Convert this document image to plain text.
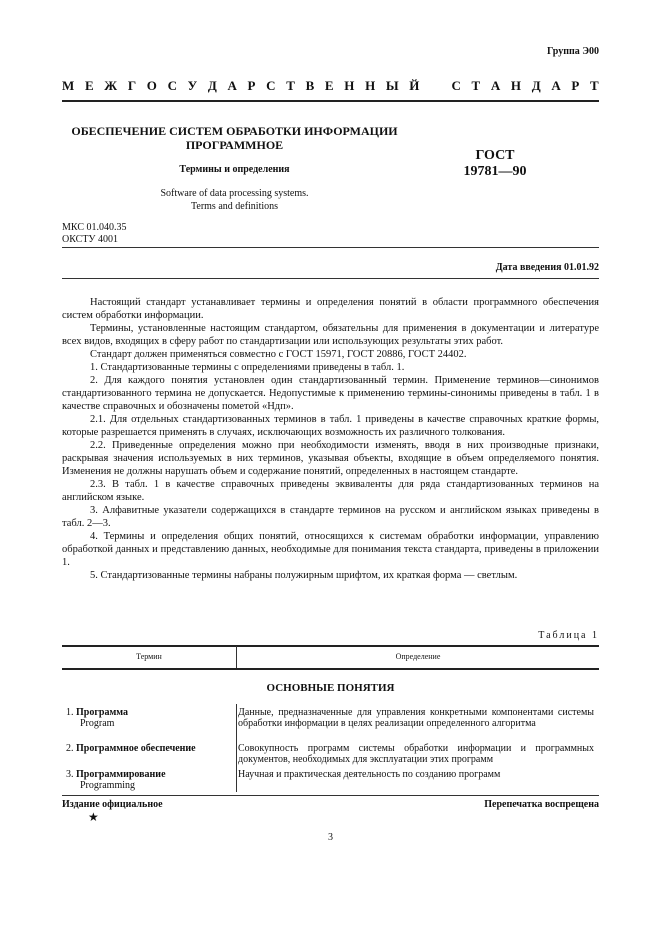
Группа Э00
М Е Ж Г О С У Д А Р С Т В Е Н Н Ы Й С Т А Н Д А Р Т
ОБЕСПЕЧЕНИЕ СИСТЕМ ОБРАБОТКИ ИНФОРМАЦИИ
ПРОГРАММНОЕ
Термины и определения
Software of data processing systems.
Terms and definitions
ГОСТ
19781—90
МКС 01.040.35
ОКСТУ 4001
Дата введения 01.01.92

Настоящий стандарт устанавливает термины и определения понятий в области программного обеспечения систем обработки информации.

Термины, установленные настоящим стандартом, обязательны для применения в документации и литературе всех видов, входящих в сферу работ по стандартизации или использующих результаты этих работ.

Стандарт должен применяться совместно с ГОСТ 15971, ГОСТ 20886, ГОСТ 24402.

1. Стандартизованные термины с определениями приведены в табл. 1.

2. Для каждого понятия установлен один стандартизованный термин. Применение терминов—синонимов стандартизованного термина не допускается. Недопустимые к применению термины-синонимы приведены в табл. 1 в качестве справочных и обозначены пометой «Ндп».

2.1. Для отдельных стандартизованных терминов в табл. 1 приведены в качестве справочных краткие формы, которые разрешается применять в случаях, исключающих возможность их различного толкования.

2.2. Приведенные определения можно при необходимости изменять, вводя в них производные признаки, раскрывая значения используемых в них терминов, указывая объекты, входящие в объем определяемого понятия. Изменения не должны нарушать объем и содержание понятий, определенных в настоящем стандарте.

2.3. В табл. 1 в качестве справочных приведены эквиваленты для ряда стандартизованных терминов на английском языке.

3. Алфавитные указатели содержащихся в стандарте терминов на русском и английском языках приведены в табл. 2—3.

4. Термины и определения общих понятий, относящихся к системам обработки информации, управлению обработкой данных и представлению данных, необходимые для понимания текста стандарта, приведены в приложении 1.

5. Стандартизованные термины набраны полужирным шрифтом, их краткая форма — светлым.

Таблица 1
Термин	Определение
ОСНОВНЫЕ ПОНЯТИЯ
1. Программа
Program
Данные, предназначенные для управления конкретными компонентами системы обработки информации в целях реализации определенного алгоритма
2. Программное обеспечение	Совокупность программ системы обработки информации и программных документов, необходимых для эксплуатации этих программ
3. Программирование
Programming
Научная и практическая деятельность по созданию программ
Издание официальное
★
Перепечатка воспрещена
3
